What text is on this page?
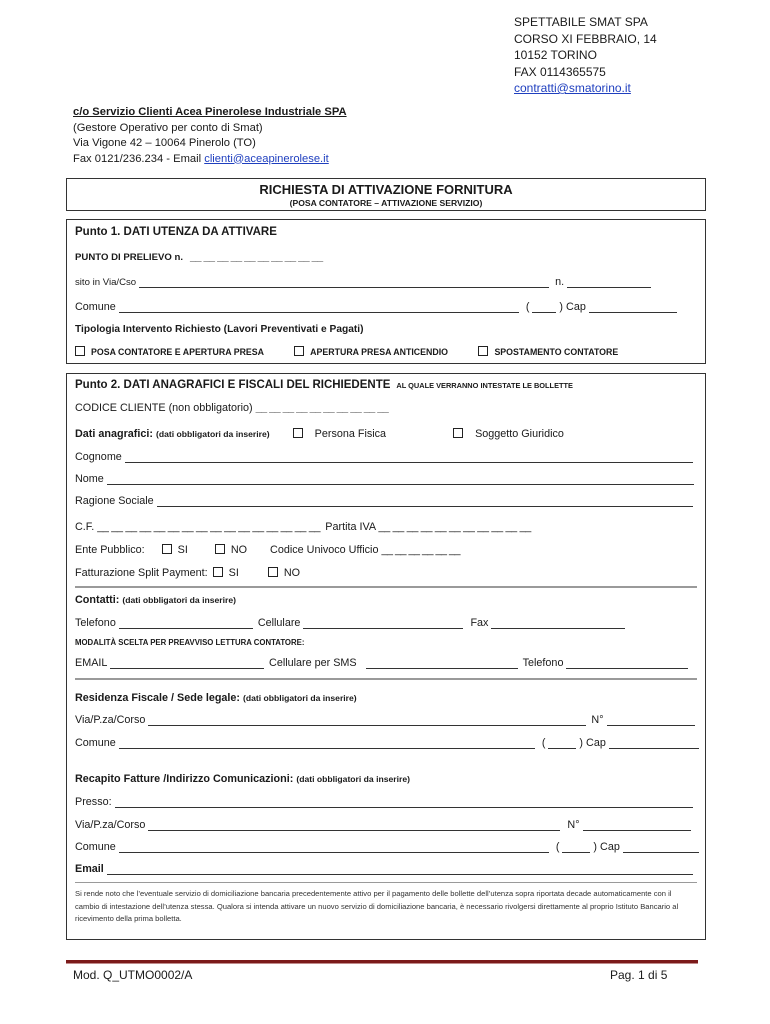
SPETTABILE SMAT SPA
CORSO XI FEBBRAIO, 14
10152 TORINO
FAX 0114365575
contratti@smatorino.it
c/o Servizio Clienti Acea Pinerolese Industriale SPA
(Gestore Operativo per conto di Smat)
Via Vigone 42 – 10064 Pinerolo (TO)
Fax 0121/236.234 - Email clienti@aceapinerolese.it
RICHIESTA DI ATTIVAZIONE FORNITURA
(POSA CONTATORE – ATTIVAZIONE SERVIZIO)
Punto 1. DATI UTENZA DA ATTIVARE
PUNTO DI PRELIEVO n. __ __ __ __ __ __ __ __ __ __
sito in Via/Cso	n.
Comune	(	) Cap
Tipologia Intervento Richiesto (Lavori Preventivati e Pagati)
POSA CONTATORE E APERTURA PRESA	APERTURA PRESA ANTICENDIO	SPOSTAMENTO CONTATORE
Punto 2. DATI ANAGRAFICI E FISCALI DEL RICHIEDENTE AL QUALE VERRANNO INTESTATE LE BOLLETTE
CODICE CLIENTE (non obbligatorio) __ __ __ __ __ __ __ __ __ __
Dati anagrafici: (dati obbligatori da inserire)	Persona Fisica	Soggetto Giuridico
Cognome
Nome
Ragione Sociale
C.F. __ __ __ __ __ __ __ __ __ __ __ __ __ __ __ __ Partita IVA __ __ __ __ __ __ __ __ __ __ __
Ente Pubblico:	SI	NO Codice Univoco Ufficio __ __ __ __ __ __
Fatturazione Split Payment: SI	NO
Contatti: (dati obbligatori da inserire)
Telefono	Cellulare	Fax
MODALITÀ SCELTA PER PREAVVISO LETTURA CONTATORE:
EMAIL	Cellulare per SMS	Telefono
Residenza Fiscale / Sede legale: (dati obbligatori da inserire)
Via/P.za/Corso	N°
Comune	(	) Cap
Recapito Fatture /Indirizzo Comunicazioni: (dati obbligatori da inserire)
Presso:
Via/P.za/Corso	N°
Comune	(	) Cap
Email
Si rende noto che l’eventuale servizio di domiciliazione bancaria precedentemente attivo per il pagamento delle bollette dell’utenza sopra riportata decade automaticamente con il cambio di intestazione dell’utenza stessa. Qualora si intenda attivare un nuovo servizio di domiciliazione bancaria, è necessario rivolgersi direttamente al proprio Istituto Bancario al ricevimento della prima bolletta.
Mod. Q_UTMO0002/A	Pag. 1 di 5
